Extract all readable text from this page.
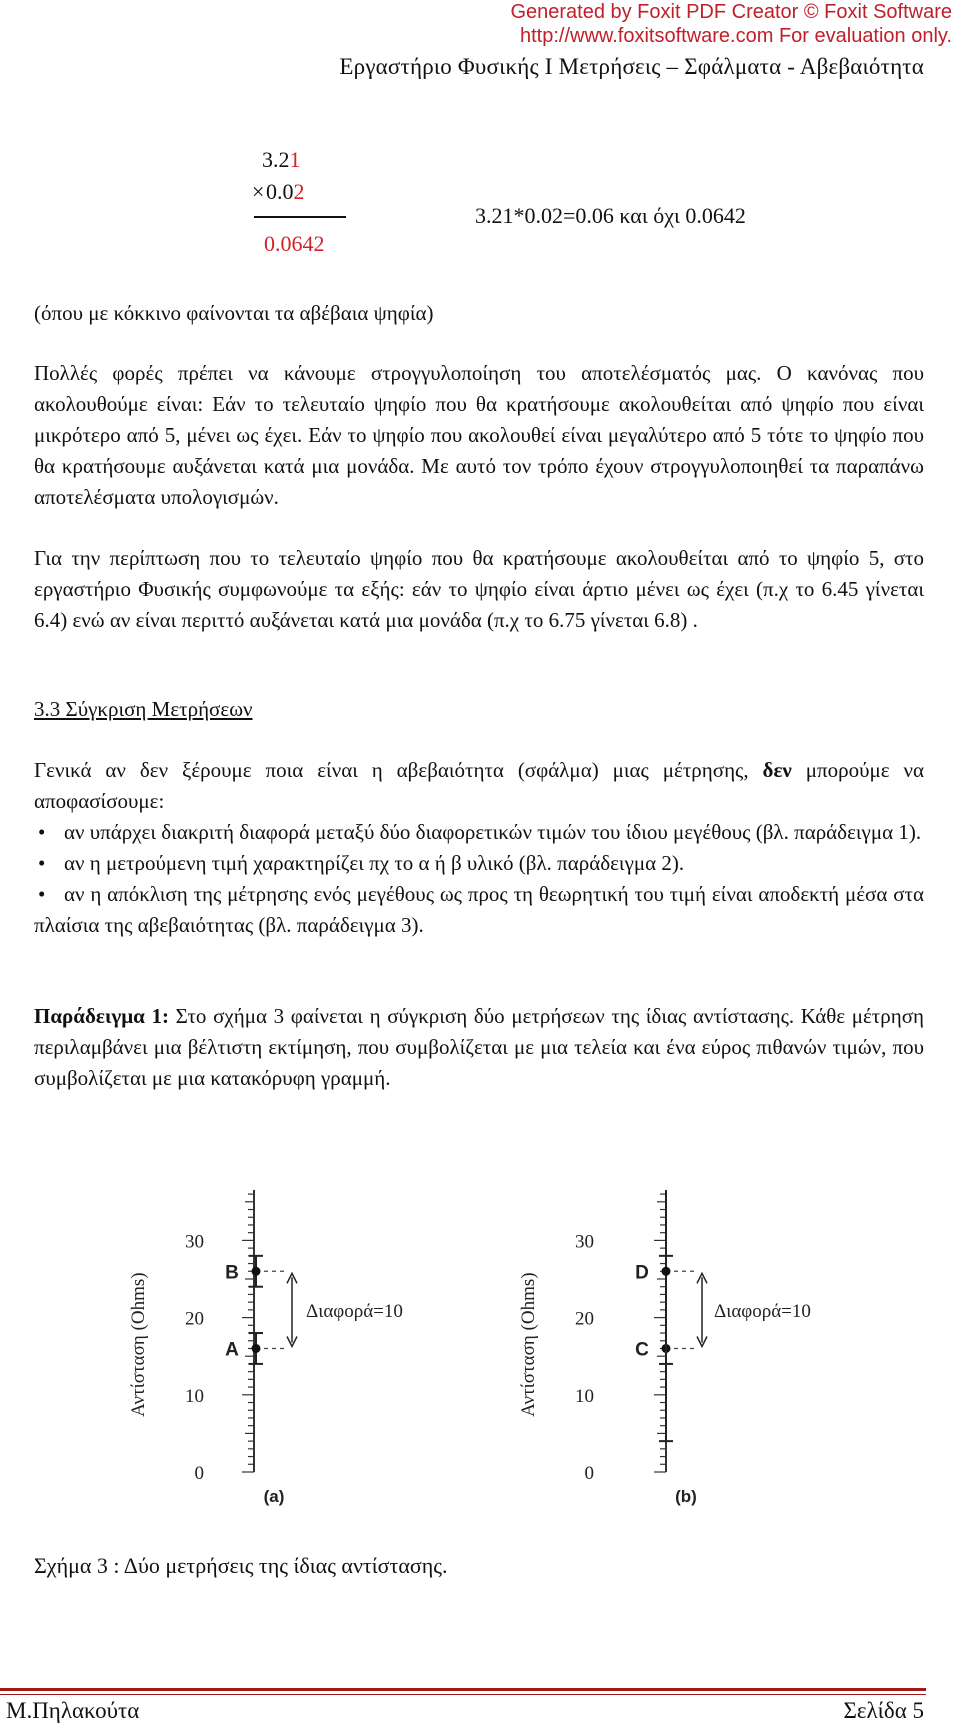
Generated by Foxit PDF Creator © Foxit Software
http://www.foxitsoftware.com For evaluation only.
Εργαστήριο Φυσικής Ι Μετρήσεις – Σφάλματα - Αβεβαιότητα
3.21
×0.02
0.0642
3.21*0.02=0.06 και όχι 0.0642
(όπου με κόκκινο φαίνονται τα αβέβαια ψηφία)
Πολλές φορές πρέπει να κάνουμε στρογγυλοποίηση του αποτελέσματός μας. Ο κανόνας που ακολουθούμε είναι: Εάν το τελευταίο ψηφίο που θα κρατήσουμε ακολουθείται από ψηφίο που είναι μικρότερο από 5, μένει ως έχει. Εάν το ψηφίο που ακολουθεί είναι μεγαλύτερο από 5 τότε το ψηφίο που θα κρατήσουμε αυξάνεται κατά μια μονάδα. Με αυτό τον τρόπο έχουν στρογγυλοποιηθεί τα παραπάνω αποτελέσματα υπολογισμών.
Για την περίπτωση που το τελευταίο ψηφίο που θα κρατήσουμε ακολουθείται από το ψηφίο 5, στο εργαστήριο Φυσικής συμφωνούμε τα εξής: εάν το ψηφίο είναι άρτιο μένει ως έχει (π.χ το 6.45 γίνεται 6.4) ενώ αν είναι περιττό αυξάνεται κατά μια μονάδα (π.χ το 6.75 γίνεται 6.8) .
3.3 Σύγκριση Μετρήσεων
Γενικά αν δεν ξέρουμε ποια είναι η αβεβαιότητα (σφάλμα) μιας μέτρησης, δεν μπορούμε να αποφασίσουμε:
• αν υπάρχει διακριτή διαφορά μεταξύ δύο διαφορετικών τιμών του ίδιου μεγέθους (βλ. παράδειγμα 1).
• αν η μετρούμενη τιμή χαρακτηρίζει πχ το α ή β υλικό (βλ. παράδειγμα 2).
• αν η απόκλιση της μέτρησης ενός μεγέθους ως προς τη θεωρητική του τιμή είναι αποδεκτή μέσα στα πλαίσια της αβεβαιότητας (βλ. παράδειγμα 3).
Παράδειγμα 1: Στο σχήμα 3 φαίνεται η σύγκριση δύο μετρήσεων της ίδιας αντίστασης. Κάθε μέτρηση περιλαμβάνει μια βέλτιστη εκτίμηση, που συμβολίζεται με μια τελεία και ένα εύρος πιθανών τιμών, που συμβολίζεται με μια κατακόρυφη γραμμή.
0
10
20
30
Αντίσταση (Ohms)	A
B
Διαφορά=10
(a)
0
10
20
30
Αντίσταση (Ohms)	C
D
Διαφορά=10
(b)
Σχήμα 3 : Δύο μετρήσεις της ίδιας αντίστασης.
Μ.Πηλακούτα	Σελίδα 5
